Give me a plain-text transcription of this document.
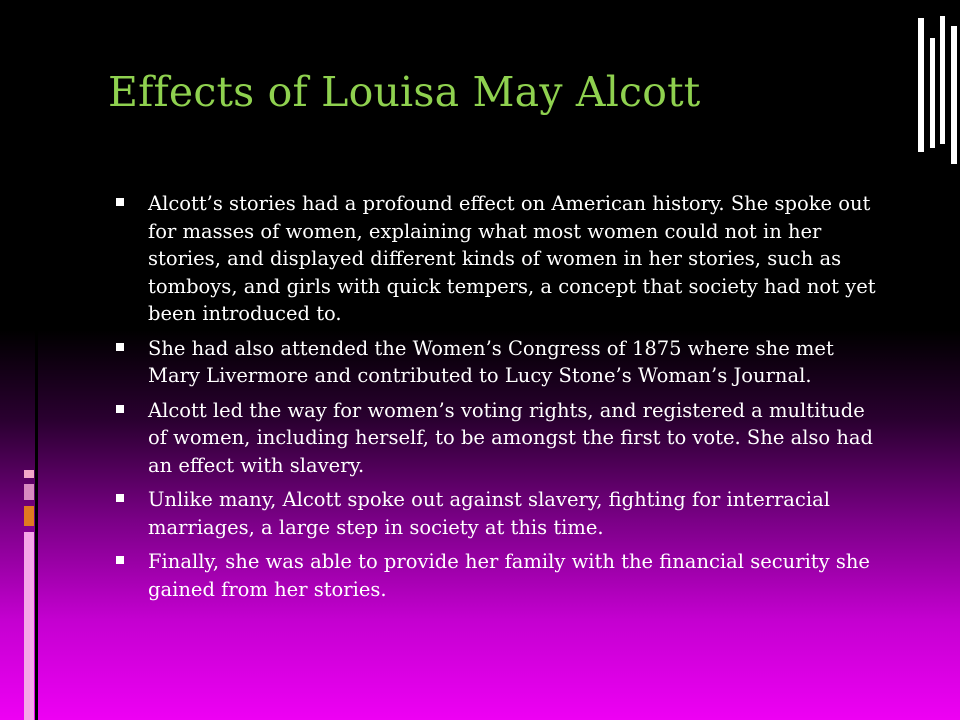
Effects of Louisa May Alcott
Alcott’s stories had a profound effect on American history. She spoke out for masses of women, explaining what most women could not in her stories, and displayed different kinds of women in her stories, such as tomboys, and girls with quick tempers, a concept that society had not yet been introduced to.
She had also attended the Women’s Congress of 1875 where she met Mary Livermore and contributed to Lucy Stone’s Woman’s Journal.
Alcott led the way for women’s voting rights, and registered a multitude of women, including herself, to be amongst the first to vote. She also had an effect with slavery.
Unlike many, Alcott spoke out against slavery, fighting for interracial marriages, a large step in society at this time.
Finally, she was able to provide her family with the financial security she gained from her stories.
